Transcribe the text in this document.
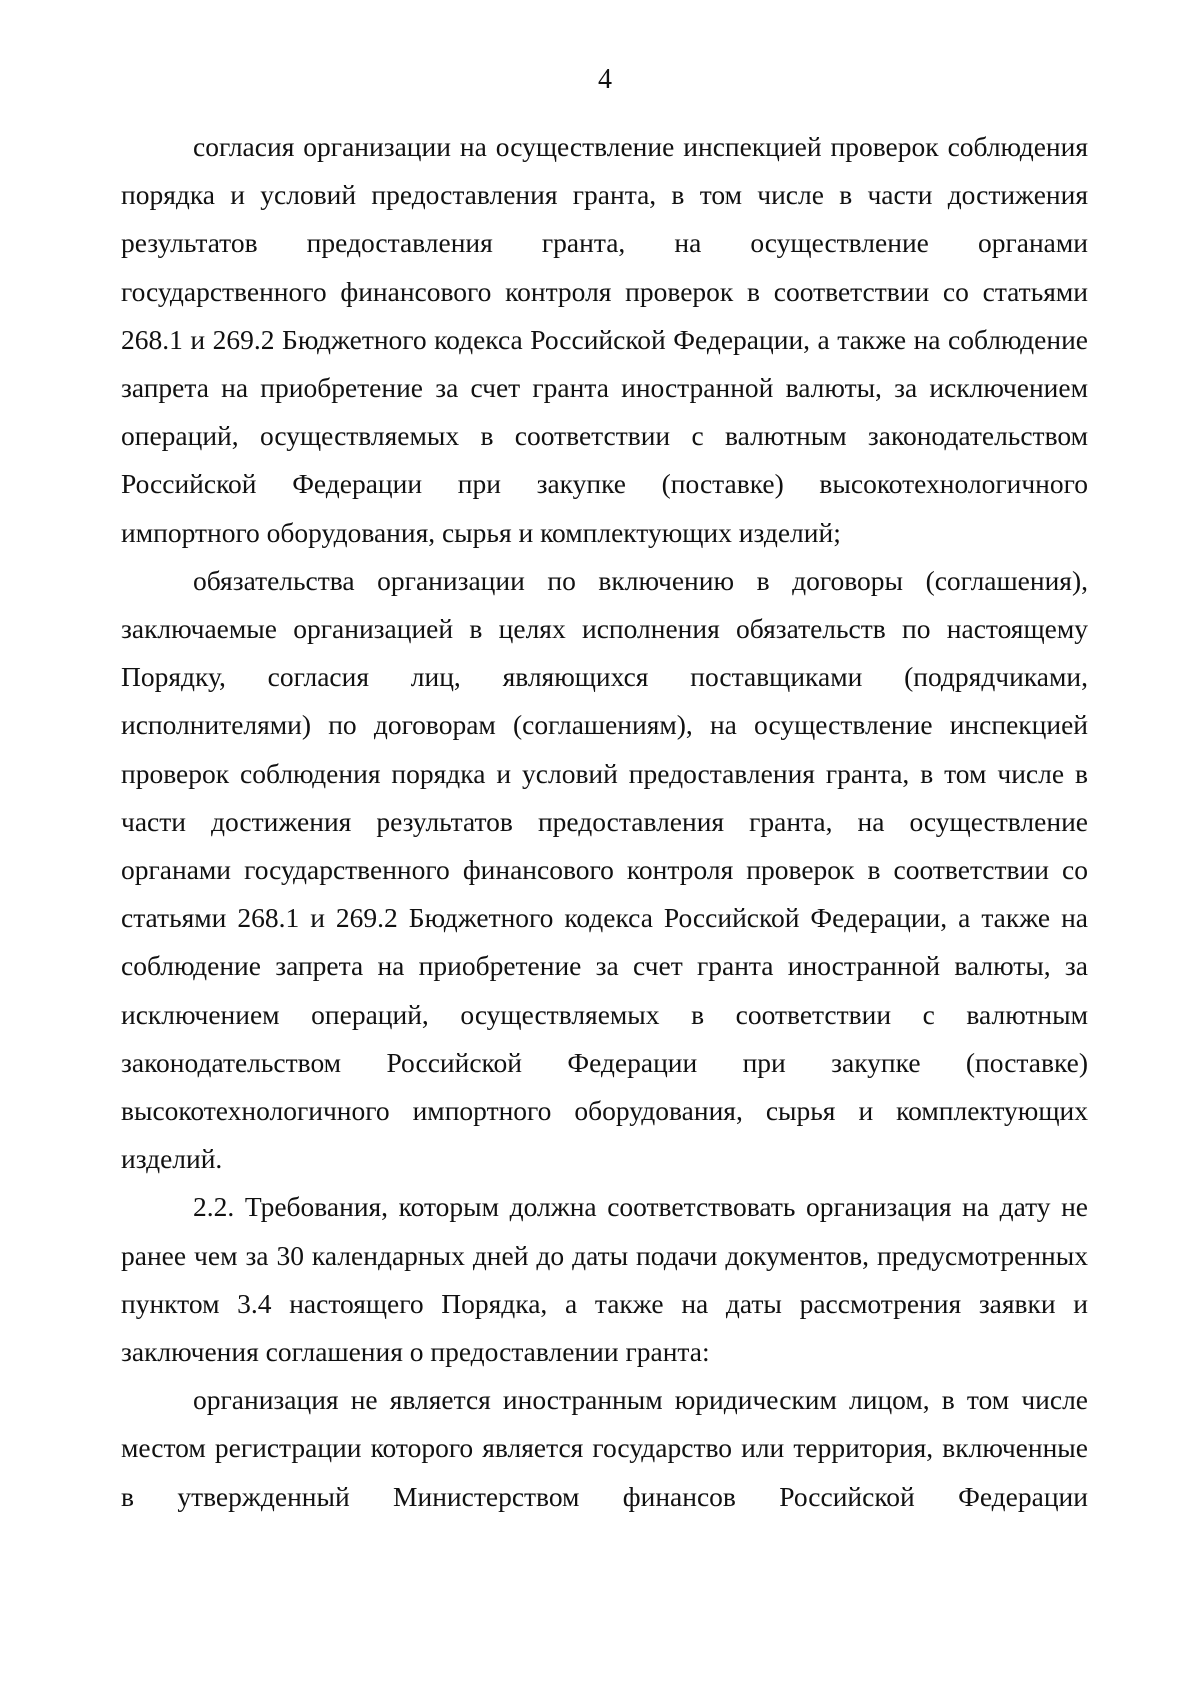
4

согласия организации на осуществление инспекцией проверок соблюдения порядка и условий предоставления гранта, в том числе в части достижения результатов предоставления гранта, на осуществление органами государственного финансового контроля проверок в соответствии со статьями 268.1 и 269.2 Бюджетного кодекса Российской Федерации, а также на соблюдение запрета на приобретение за счет гранта иностранной валюты, за исключением операций, осуществляемых в соответствии с валютным законодательством Российской Федерации при закупке (поставке) высокотехнологичного импортного оборудования, сырья и комплектующих изделий;

обязательства организации по включению в договоры (соглашения), заключаемые организацией в целях исполнения обязательств по настоящему Порядку, согласия лиц, являющихся поставщиками (подрядчиками, исполнителями) по договорам (соглашениям), на осуществление инспекцией проверок соблюдения порядка и условий предоставления гранта, в том числе в части достижения результатов предоставления гранта, на осуществление органами государственного финансового контроля проверок в соответствии со статьями 268.1 и 269.2 Бюджетного кодекса Российской Федерации, а также на соблюдение запрета на приобретение за счет гранта иностранной валюты, за исключением операций, осуществляемых в соответствии с валютным законодательством Российской Федерации при закупке (поставке) высокотехнологичного импортного оборудования, сырья и комплектующих изделий.

2.2. Требования, которым должна соответствовать организация на дату не ранее чем за 30 календарных дней до даты подачи документов, предусмотренных пунктом 3.4 настоящего Порядка, а также на даты рассмотрения заявки и заключения соглашения о предоставлении гранта:

организация не является иностранным юридическим лицом, в том числе местом регистрации которого является государство или территория, включенные в утвержденный Министерством финансов Российской Федерации
